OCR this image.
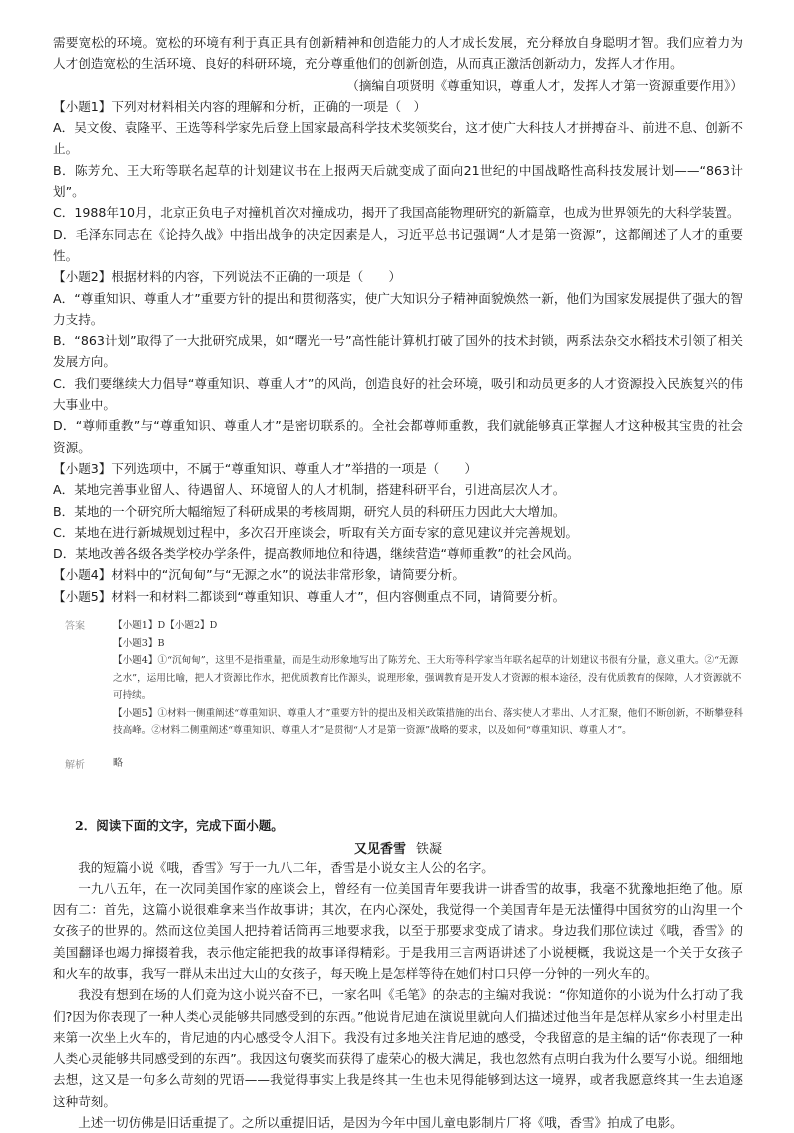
需要宽松的环境。宽松的环境有利于真正具有创新精神和创造能力的人才成长发展，充分释放自身聪明才智。我们应着力为人才创造宽松的生活环境、良好的科研环境，充分尊重他们的创新创造，从而真正激活创新动力，发挥人才作用。

（摘编自项贤明《尊重知识，尊重人才，发挥人才第一资源重要作用》）

【小题1】下列对材料相关内容的理解和分析，正确的一项是（　）

A．吴文俊、袁隆平、王选等科学家先后登上国家最高科学技术奖领奖台，这才使广大科技人才拼搏奋斗、前进不息、创新不止。

B．陈芳允、王大珩等联名起草的计划建议书在上报两天后就变成了面向21世纪的中国战略性高科技发展计划——“863计划”。

C．1988年10月，北京正负电子对撞机首次对撞成功，揭开了我国高能物理研究的新篇章，也成为世界领先的大科学装置。

D．毛泽东同志在《论持久战》中指出战争的决定因素是人，习近平总书记强调“人才是第一资源”，这都阐述了人才的重要性。

【小题2】根据材料的内容，下列说法不正确的一项是（　　）

A．“尊重知识、尊重人才”重要方针的提出和贯彻落实，使广大知识分子精神面貌焕然一新，他们为国家发展提供了强大的智力支持。

B．“863计划”取得了一大批研究成果，如“曙光一号”高性能计算机打破了国外的技术封锁，两系法杂交水稻技术引领了相关发展方向。

C．我们要继续大力倡导“尊重知识、尊重人才”的风尚，创造良好的社会环境，吸引和动员更多的人才资源投入民族复兴的伟大事业中。

D．“尊师重教”与“尊重知识、尊重人才”是密切联系的。全社会都尊师重教，我们就能够真正掌握人才这种极其宝贵的社会资源。

【小题3】下列选项中，不属于“尊重知识、尊重人才”举措的一项是（　　）

A．某地完善事业留人、待遇留人、环境留人的人才机制，搭建科研平台，引进高层次人才。

B．某地的一个研究所大幅缩短了科研成果的考核周期，研究人员的科研压力因此大大增加。

C．某地在进行新城规划过程中，多次召开座谈会，听取有关方面专家的意见建议并完善规划。

D．某地改善各级各类学校办学条件，提高教师地位和待遇，继续营造“尊师重教”的社会风尚。

【小题4】材料中的“沉甸甸”与“无源之水”的说法非常形象，请简要分析。

【小题5】材料一和材料二都谈到“尊重知识、尊重人才”，但内容侧重点不同，请简要分析。

答案	【小题1】D【小题2】D

【小题3】B

【小题4】①“沉甸甸”，这里不是指重量，而是生动形象地写出了陈芳允、王大珩等科学家当年联名起草的计划建议书很有分量，意义重大。②“无源之水”，运用比喻，把人才资源比作水，把优质教育比作源头，说理形象，强调教育是开发人才资源的根本途径，没有优质教育的保障，人才资源就不可持续。

【小题5】①材料一侧重阐述“尊重知识、尊重人才”重要方针的提出及相关政策措施的出台、落实使人才辈出、人才汇聚，他们不断创新，不断攀登科技高峰。②材料二侧重阐述“尊重知识、尊重人才”是贯彻“人才是第一资源”战略的要求，以及如何“尊重知识、尊重人才”。

解析	略
2．阅读下面的文字，完成下面小题。
又见香雪 铁凝

我的短篇小说《哦，香雪》写于一九八二年，香雪是小说女主人公的名字。

一九八五年，在一次同美国作家的座谈会上，曾经有一位美国青年要我讲一讲香雪的故事，我毫不犹豫地拒绝了他。原因有二：首先，这篇小说很难拿来当作故事讲；其次，在内心深处，我觉得一个美国青年是无法懂得中国贫穷的山沟里一个女孩子的世界的。然而这位美国人把持着话筒再三地要求我，以至于那要求变成了请求。身边我们那位读过《哦，香雪》的美国翻译也竭力撺掇着我，表示他定能把我的故事译得精彩。于是我用三言两语讲述了小说梗概，我说这是一个关于女孩子和火车的故事，我写一群从未出过大山的女孩子，每天晚上是怎样等待在她们村口只停一分钟的一列火车的。

我没有想到在场的人们竟为这小说兴奋不已，一家名叫《毛笔》的杂志的主编对我说：“你知道你的小说为什么打动了我们?因为你表现了一种人类心灵能够共同感受到的东西。”他说肯尼迪在演说里就向人们描述过他当年是怎样从家乡小村里走出来第一次坐上火车的，肯尼迪的内心感受令人泪下。我没有过多地关注肯尼迪的感受，令我留意的是主编的话“你表现了一种人类心灵能够共同感受到的东西”。我因这句褒奖而获得了虚荣心的极大满足，我也忽然有点明白我为什么要写小说。细细地去想，这又是一句多么苛刻的咒语——我觉得事实上我是终其一生也未见得能够到达这一境界，或者我愿意终其一生去追逐这种苛刻。

上述一切仿佛是旧话重提了。之所以重提旧话，是因为今年中国儿童电影制片厂将《哦，香雪》拍成了电影。
